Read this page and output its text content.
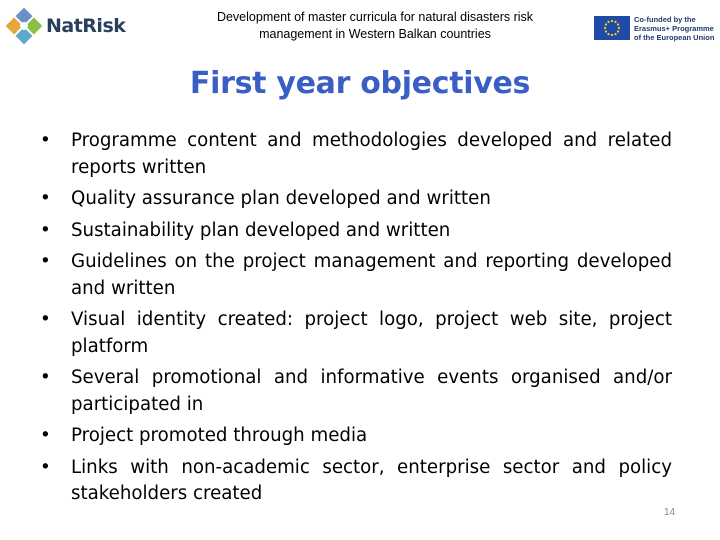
NatRisk	Development of master curricula for natural disasters risk management in Western Balkan countries
Co-funded by the Erasmus+ Programme of the European Union
First year objectives
• Programme content and methodologies developed and related reports written
• Quality assurance plan developed and written
• Sustainability plan developed and written
• Guidelines on the project management and reporting developed and written
• Visual identity created: project logo, project web site, project platform
• Several promotional and informative events organised and/or participated in
• Project promoted through media
• Links with non-academic sector, enterprise sector and policy stakeholders created
14
